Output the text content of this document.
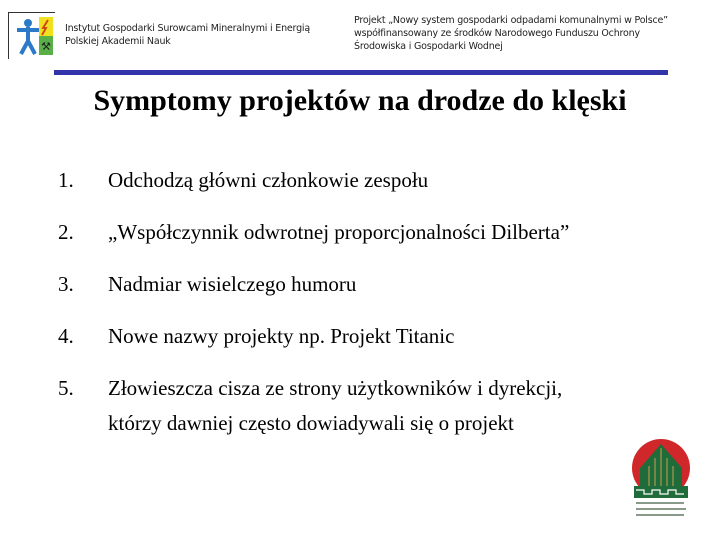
⚒
Instytut Gospodarki Surowcami Mineralnymi i Energią
Polskiej Akademii Nauk
Projekt „Nowy system gospodarki odpadami komunalnymi w Polsce”
współfinansowany ze środków Narodowego Funduszu Ochrony
Środowiska i Gospodarki Wodnej
Symptomy projektów na drodze do klęski
1. Odchodzą główni członkowie zespołu
2. „Współczynnik odwrotnej proporcjonalności Dilberta”
3. Nadmiar wisielczego humoru
4. Nowe nazwy projekty np. Projekt Titanic
5. Złowieszcza cisza ze strony użytkowników i dyrekcji,
którzy dawniej często dowiadywali się o projekt
